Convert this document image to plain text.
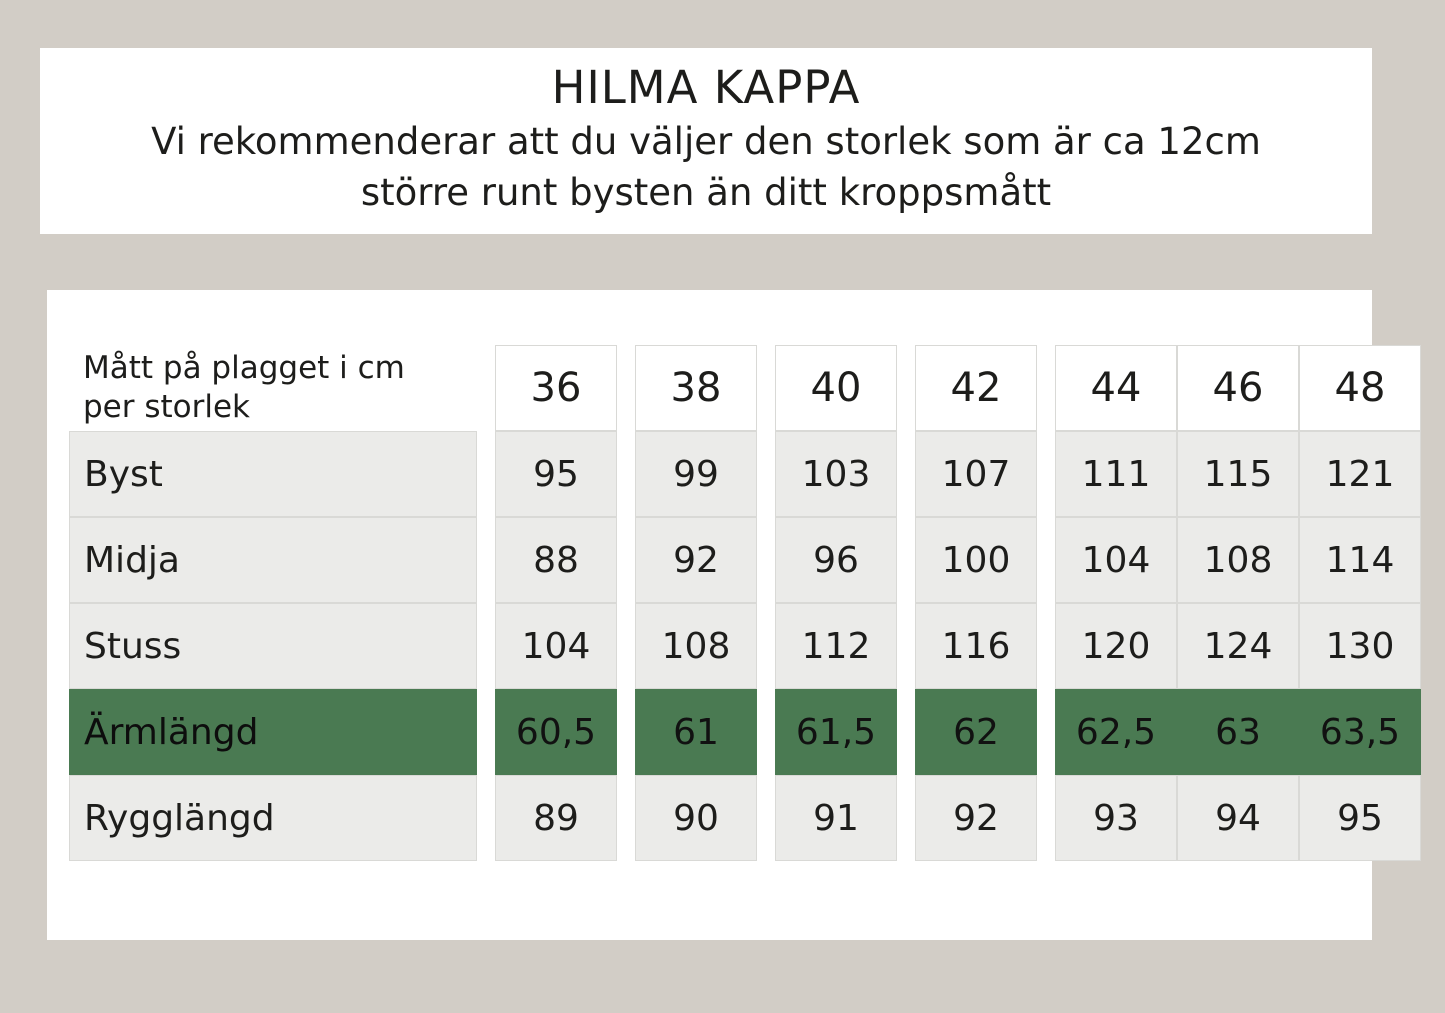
HILMA KAPPA
Vi rekommenderar att du väljer den storlek som är ca 12cm
större runt bysten än ditt kroppsmått
Mått på plagget i cm
per storlek		36		38		40		42		44	46	48
Byst		95		99		103		107		111	115	121
Midja		88		92		96		100		104	108	114
Stuss		104		108		112		116		120	124	130
Ärmlängd		60,5		61		61,5		62		62,5	63	63,5
Rygglängd		89		90		91		92		93	94	95
